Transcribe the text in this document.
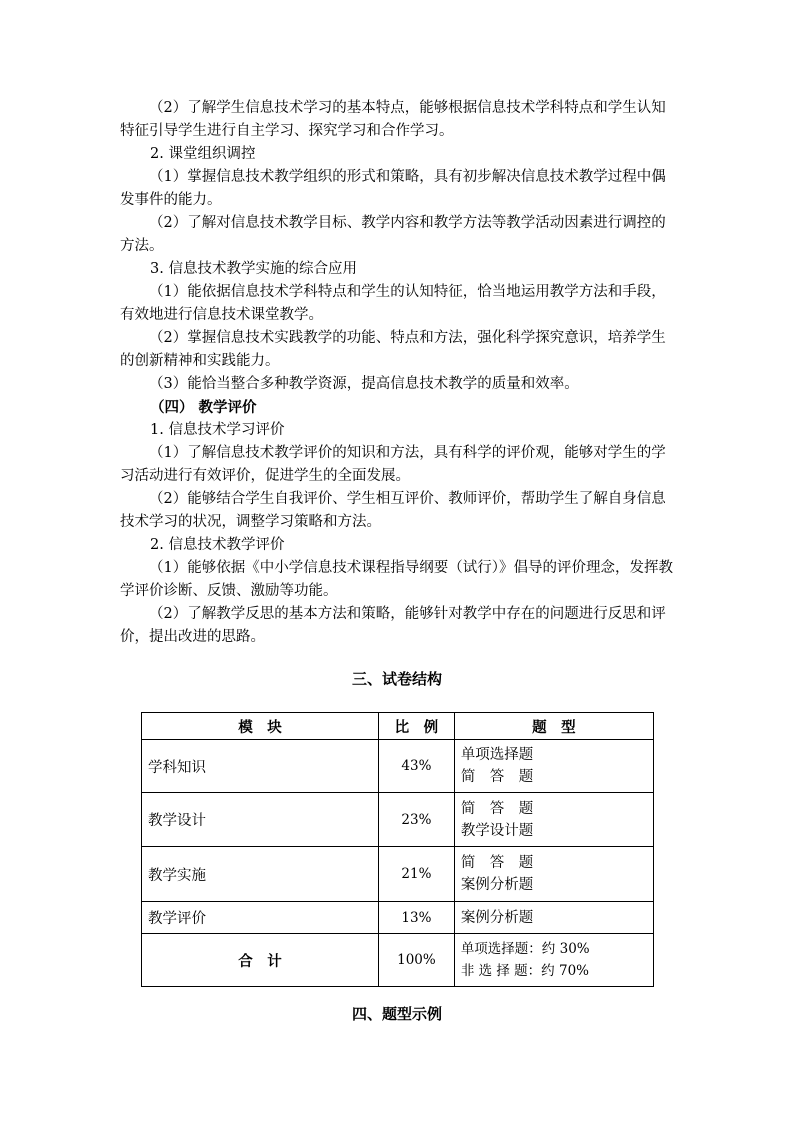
（2）了解学生信息技术学习的基本特点，能够根据信息技术学科特点和学生认知特征引导学生进行自主学习、探究学习和合作学习。

2. 课堂组织调控

（1）掌握信息技术教学组织的形式和策略，具有初步解决信息技术教学过程中偶发事件的能力。

（2）了解对信息技术教学目标、教学内容和教学方法等教学活动因素进行调控的方法。

3. 信息技术教学实施的综合应用

（1）能依据信息技术学科特点和学生的认知特征，恰当地运用教学方法和手段，有效地进行信息技术课堂教学。

（2）掌握信息技术实践教学的功能、特点和方法，强化科学探究意识，培养学生的创新精神和实践能力。

（3）能恰当整合多种教学资源，提高信息技术教学的质量和效率。

（四） 教学评价

1. 信息技术学习评价

（1）了解信息技术教学评价的知识和方法，具有科学的评价观，能够对学生的学习活动进行有效评价，促进学生的全面发展。

（2）能够结合学生自我评价、学生相互评价、教师评价，帮助学生了解自身信息技术学习的状况，调整学习策略和方法。

2. 信息技术教学评价

（1）能够依据《中小学信息技术课程指导纲要（试行）》倡导的评价理念，发挥教学评价诊断、反馈、激励等功能。

（2）了解教学反思的基本方法和策略，能够针对教学中存在的问题进行反思和评价，提出改进的思路。

三、试卷结构

模　块	比　例	题　型
学科知识	43%	单项选择题
简　答　题

教学设计	23%	简　答　题
教学设计题

教学实施	21%	简　答　题
案例分析题

教学评价	13%	案例分析题

合　计	100%	单项选择题：约 30%
非 选 择 题：约 70%

四、题型示例
